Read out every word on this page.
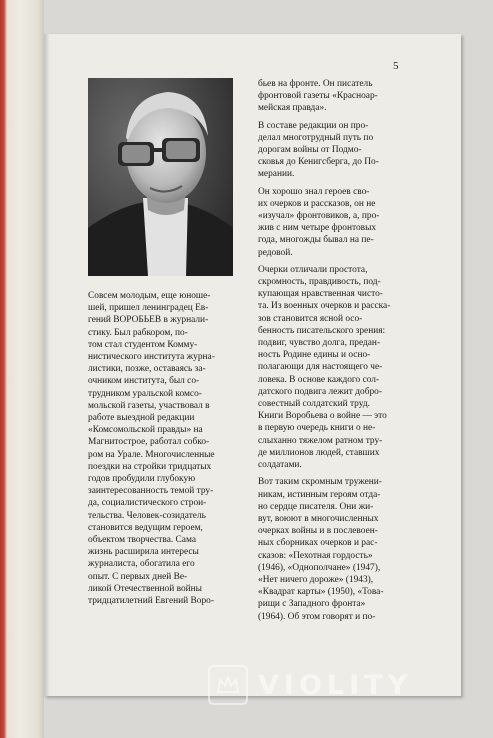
5
Совсем молодым, еще юноше-
шей, пришел ленинградец Ев-
гений ВОРОБЬЕВ в журнали-
стику. Был рабкором, по-
том стал студентом Комму-
нистического института журна-
листики, позже, оставаясь за-
очником института, был со-
трудником уральской комсо-
мольской газеты, участвовал в
работе выездной редакции
«Комсомольской правды» на
Магнитострое, работал собко-
ром на Урале. Многочисленные
поездки на стройки тридцатых
годов пробудили глубокую
заинтересованность темой тру-
да, социалистического строи-
тельства. Человек-созидатель
становится ведущим героем,
объектом творчества. Сама
жизнь расширила интересы
журналиста, обогатила его
опыт. С первых дней Ве-
ликой Отечественной войны
тридцатилетний Евгений Воро-
бьев на фронте. Он писатель
фронтовой газеты «Красноар-
мейская правда».
В составе редакции он про-
делал многотрудный путь по
дорогам войны от Подмо-
сковья до Кенигсберга, до По-
мерании.
Он хорошо знал героев сво-
их очерков и рассказов, он не
«изучал» фронтовиков, а, про-
жив с ним четыре фронтовых
года, многожды бывал на пе-
редовой.
Очерки отличали простота,
скромность, правдивость, под-
купающая нравственная чисто-
та. Из военных очерков и расска-
зов становится ясной осо-
бенность писательского зрения:
подвиг, чувство долга, предан-
ность Родине едины и осно-
полагающи для настоящего че-
ловека. В основе каждого сол-
датского подвига лежит добро-
совестный солдатский труд.
Книги Воробьева о войне — это
в первую очередь книги о не-
слыханно тяжелом ратном тру-
де миллионов людей, ставших
солдатами.
Вот таким скромным тружени-
никам, истинным героям отда-
но сердце писателя. Они жи-
вут, воюют в многочисленных
очерках войны и в послевоен-
ных сборниках очерков и рас-
сказов: «Пехотная гордость»
(1946), «Однополчане» (1947),
«Нет ничего дороже» (1943),
«Квадрат карты» (1950), «Това-
рищи с Западного фронта»
(1964). Об этом говорят и по-
VIOLITY
